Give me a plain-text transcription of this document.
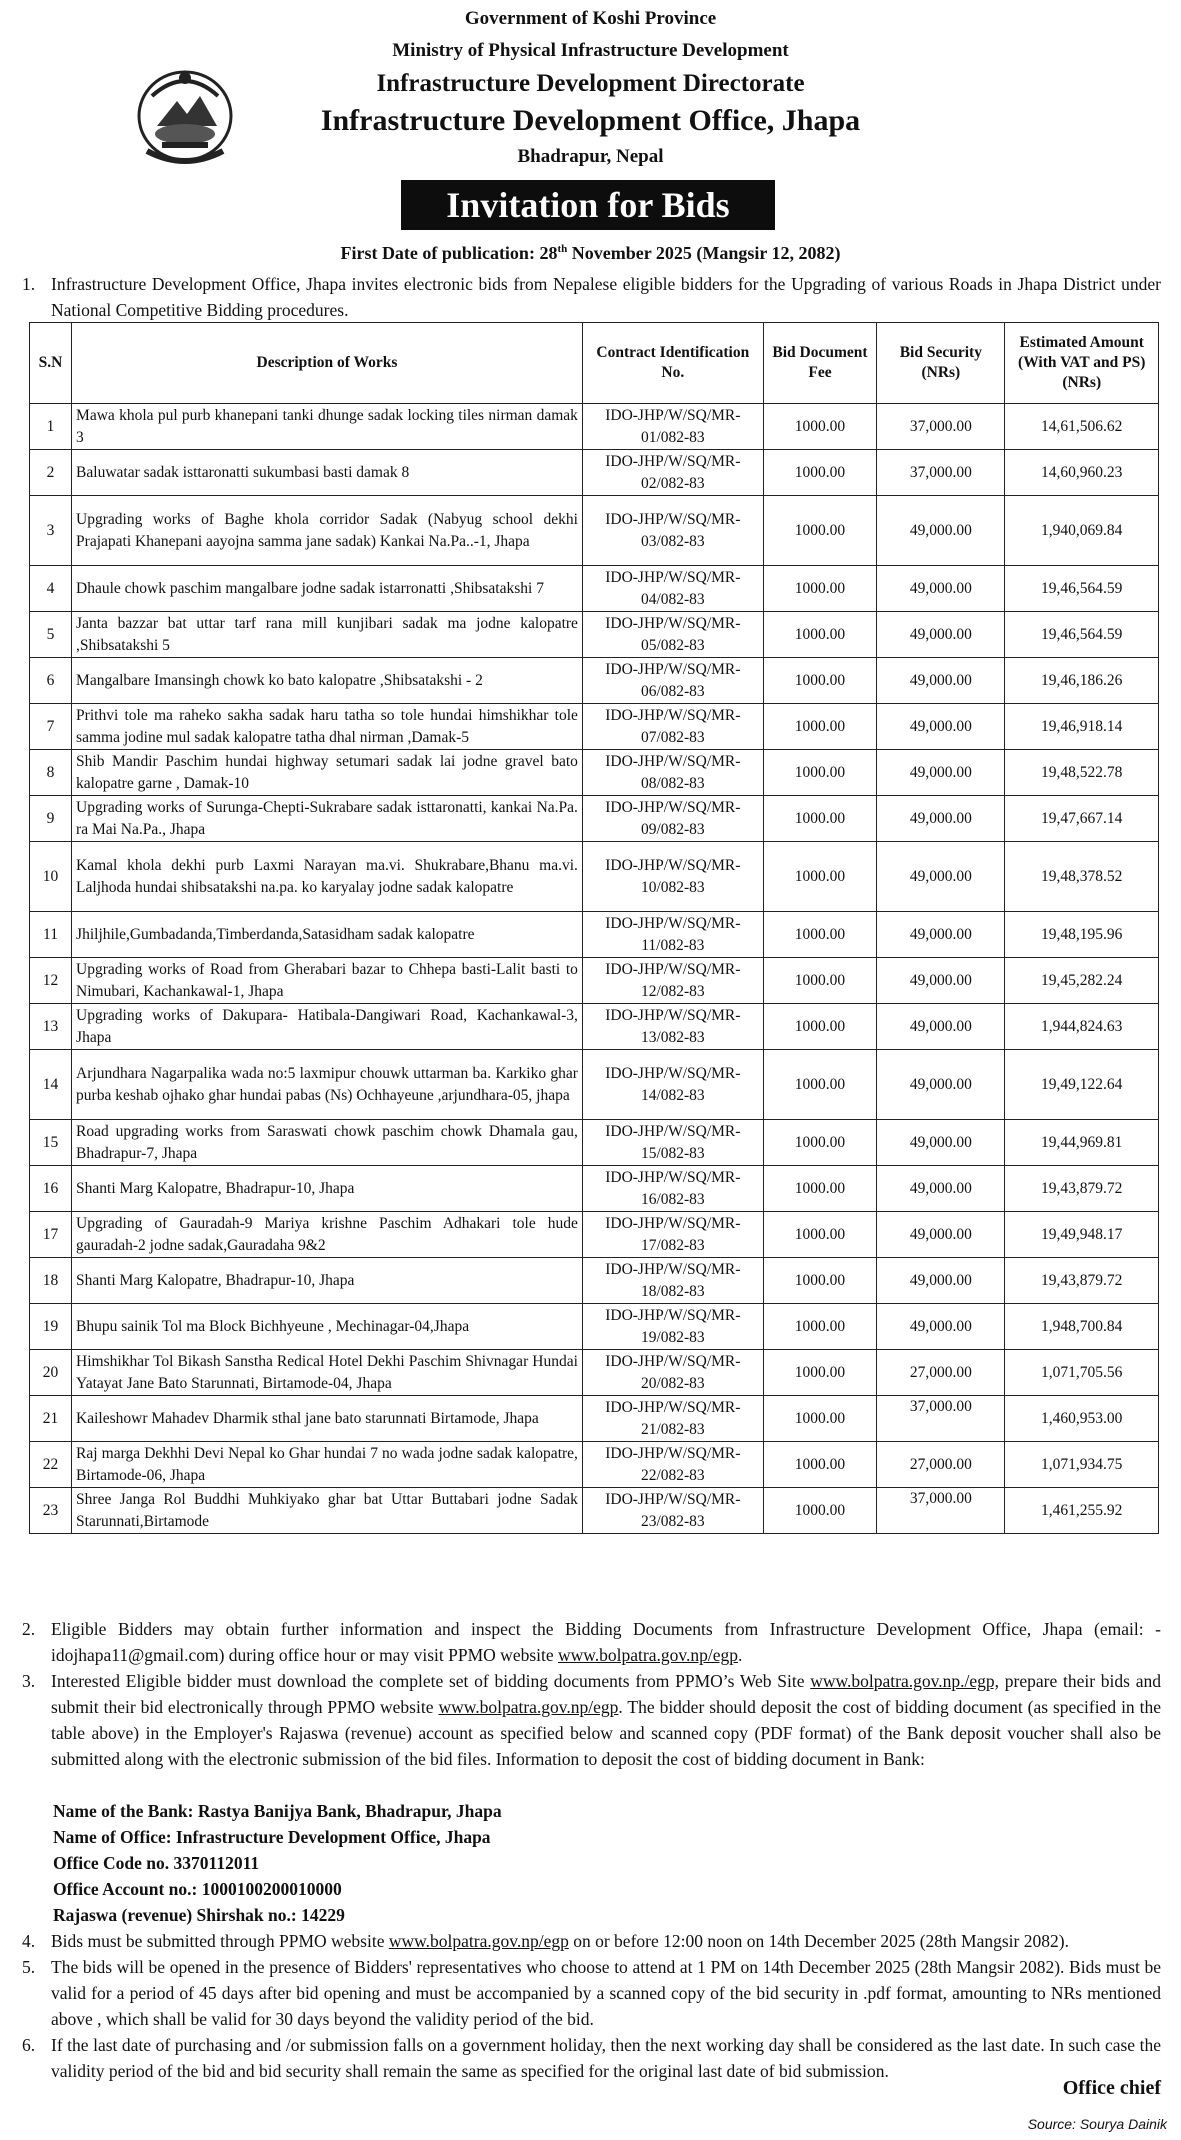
Government of Koshi Province
Ministry of Physical Infrastructure Development
Infrastructure Development Directorate
Infrastructure Development Office, Jhapa
Bhadrapur, Nepal
Invitation for Bids
First Date of publication: 28th November 2025 (Mangsir 12, 2082)
1. Infrastructure Development Office, Jhapa invites electronic bids from Nepalese eligible bidders for the Upgrading of various Roads in Jhapa District under National Competitive Bidding procedures.
S.N	Description of Works	Contract Identification No.	Bid Document Fee	Bid Security (NRs)	Estimated Amount (With VAT and PS) (NRs)
1	Mawa khola pul purb khanepani tanki dhunge sadak locking tiles nirman damak 3	IDO-JHP/W/SQ/MR-01/082-83	1000.00	37,000.00	14,61,506.62
2	Baluwatar sadak isttaronatti sukumbasi basti damak 8	IDO-JHP/W/SQ/MR-02/082-83	1000.00	37,000.00	14,60,960.23
3	Upgrading works of Baghe khola corridor Sadak (Nabyug school dekhi Prajapati Khanepani aayojna samma jane sadak) Kankai Na.Pa..-1, Jhapa	IDO-JHP/W/SQ/MR-03/082-83	1000.00	49,000.00	1,940,069.84
4	Dhaule chowk paschim mangalbare jodne sadak istarronatti ,Shibsatakshi 7	IDO-JHP/W/SQ/MR-04/082-83	1000.00	49,000.00	19,46,564.59
5	Janta bazzar bat uttar tarf rana mill kunjibari sadak ma jodne kalopatre ,Shibsatakshi 5	IDO-JHP/W/SQ/MR-05/082-83	1000.00	49,000.00	19,46,564.59
6	Mangalbare Imansingh chowk ko bato kalopatre ,Shibsatakshi - 2	IDO-JHP/W/SQ/MR-06/082-83	1000.00	49,000.00	19,46,186.26
7	Prithvi tole ma raheko sakha sadak haru tatha so tole hundai himshikhar tole samma jodine mul sadak kalopatre tatha dhal nirman ,Damak-5	IDO-JHP/W/SQ/MR-07/082-83	1000.00	49,000.00	19,46,918.14
8	Shib Mandir Paschim hundai highway setumari sadak lai jodne gravel bato kalopatre garne , Damak-10	IDO-JHP/W/SQ/MR-08/082-83	1000.00	49,000.00	19,48,522.78
9	Upgrading works of Surunga-Chepti-Sukrabare sadak isttaronatti, kankai Na.Pa. ra Mai Na.Pa., Jhapa	IDO-JHP/W/SQ/MR-09/082-83	1000.00	49,000.00	19,47,667.14
10	Kamal khola dekhi purb Laxmi Narayan ma.vi. Shukrabare,Bhanu ma.vi. Laljhoda hundai shibsatakshi na.pa. ko karyalay jodne sadak kalopatre	IDO-JHP/W/SQ/MR-10/082-83	1000.00	49,000.00	19,48,378.52
11	Jhiljhile,Gumbadanda,Timberdanda,Satasidham sadak kalopatre	IDO-JHP/W/SQ/MR-11/082-83	1000.00	49,000.00	19,48,195.96
12	Upgrading works of Road from Gherabari bazar to Chhepa basti-Lalit basti to Nimubari, Kachankawal-1, Jhapa	IDO-JHP/W/SQ/MR-12/082-83	1000.00	49,000.00	19,45,282.24
13	Upgrading works of Dakupara- Hatibala-Dangiwari Road, Kachankawal-3, Jhapa	IDO-JHP/W/SQ/MR-13/082-83	1000.00	49,000.00	1,944,824.63
14	Arjundhara Nagarpalika wada no:5 laxmipur chouwk uttarman ba. Karkiko ghar purba keshab ojhako ghar hundai pabas (Ns) Ochhayeune ,arjundhara-05, jhapa	IDO-JHP/W/SQ/MR-14/082-83	1000.00	49,000.00	19,49,122.64
15	Road upgrading works from Saraswati chowk paschim chowk Dhamala gau, Bhadrapur-7, Jhapa	IDO-JHP/W/SQ/MR-15/082-83	1000.00	49,000.00	19,44,969.81
16	Shanti Marg Kalopatre, Bhadrapur-10, Jhapa	IDO-JHP/W/SQ/MR-16/082-83	1000.00	49,000.00	19,43,879.72
17	Upgrading of Gauradah-9 Mariya krishne Paschim Adhakari tole hude gauradah-2 jodne sadak,Gauradaha 9&2	IDO-JHP/W/SQ/MR-17/082-83	1000.00	49,000.00	19,49,948.17
18	Shanti Marg Kalopatre, Bhadrapur-10, Jhapa	IDO-JHP/W/SQ/MR-18/082-83	1000.00	49,000.00	19,43,879.72
19	Bhupu sainik Tol ma Block Bichhyeune , Mechinagar-04,Jhapa	IDO-JHP/W/SQ/MR-19/082-83	1000.00	49,000.00	1,948,700.84
20	Himshikhar Tol Bikash Sanstha Redical Hotel Dekhi Paschim Shivnagar Hundai Yatayat Jane Bato Starunnati, Birtamode-04, Jhapa	IDO-JHP/W/SQ/MR-20/082-83	1000.00	27,000.00	1,071,705.56
21	Kaileshowr Mahadev Dharmik sthal jane bato starunnati Birtamode, Jhapa	IDO-JHP/W/SQ/MR-21/082-83	1000.00	37,000.00	1,460,953.00
22	Raj marga Dekhhi Devi Nepal ko Ghar hundai 7 no wada jodne sadak kalopatre, Birtamode-06, Jhapa	IDO-JHP/W/SQ/MR-22/082-83	1000.00	27,000.00	1,071,934.75
23	Shree Janga Rol Buddhi Muhkiyako ghar bat Uttar Buttabari jodne Sadak Starunnati,Birtamode	IDO-JHP/W/SQ/MR-23/082-83	1000.00	37,000.00	1,461,255.92
2. Eligible Bidders may obtain further information and inspect the Bidding Documents from Infrastructure Development Office, Jhapa (email: -idojhapa11@gmail.com) during office hour or may visit PPMO website www.bolpatra.gov.np/egp.
3. Interested Eligible bidder must download the complete set of bidding documents from PPMO’s Web Site www.bolpatra.gov.np./egp, prepare their bids and submit their bid electronically through PPMO website www.bolpatra.gov.np/egp. The bidder should deposit the cost of bidding document (as specified in the table above) in the Employer's Rajaswa (revenue) account as specified below and scanned copy (PDF format) of the Bank deposit voucher shall also be submitted along with the electronic submission of the bid files. Information to deposit the cost of bidding document in Bank:
Name of the Bank: Rastya Banijya Bank, Bhadrapur, Jhapa
Name of Office: Infrastructure Development Office, Jhapa
Office Code no. 3370112011
Office Account no.: 1000100200010000
Rajaswa (revenue) Shirshak no.: 14229
4. Bids must be submitted through PPMO website www.bolpatra.gov.np/egp on or before 12:00 noon on 14th December 2025 (28th Mangsir 2082).
5. The bids will be opened in the presence of Bidders' representatives who choose to attend at 1 PM on 14th December 2025 (28th Mangsir 2082). Bids must be valid for a period of 45 days after bid opening and must be accompanied by a scanned copy of the bid security in .pdf format, amounting to NRs mentioned above , which shall be valid for 30 days beyond the validity period of the bid.
6. If the last date of purchasing and /or submission falls on a government holiday, then the next working day shall be considered as the last date. In such case the validity period of the bid and bid security shall remain the same as specified for the original last date of bid submission.
Office chief
Source: Sourya Dainik
